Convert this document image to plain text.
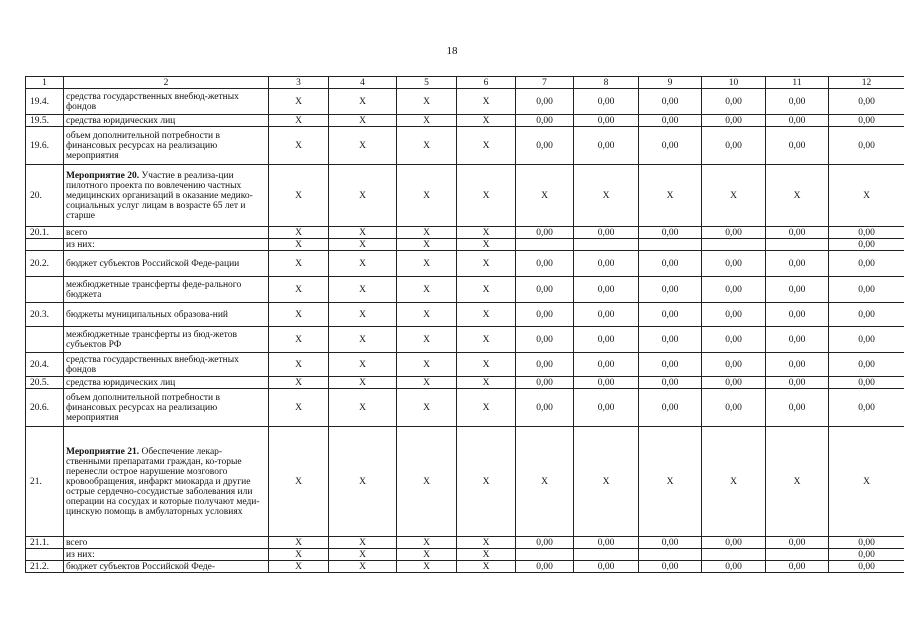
18
1	2	3	4	5	6	7	8	9	10	11	12
19.4.	средства государственных внебюд-жетных фондов	X	X	X	X	0,00	0,00	0,00	0,00	0,00	0,00
19.5.	средства юридических лиц	X	X	X	X	0,00	0,00	0,00	0,00	0,00	0,00
19.6.	объем дополнительной потребности в финансовых ресурсах на реализацию мероприятия	X	X	X	X	0,00	0,00	0,00	0,00	0,00	0,00
20.	Мероприятие 20. Участие в реализа-ции пилотного проекта по вовлечению частных медицинских организаций в оказание медико-социальных услуг лицам в возрасте 65 лет и старше	X	X	X	X	X	X	X	X	X	X
20.1.	всего	X	X	X	X	0,00	0,00	0,00	0,00	0,00	0,00
	из них:	X	X	X	X						0,00
20.2.	бюджет субъектов Российской Феде-рации	X	X	X	X	0,00	0,00	0,00	0,00	0,00	0,00
	межбюджетные трансферты феде-рального бюджета	X	X	X	X	0,00	0,00	0,00	0,00	0,00	0,00
20.3.	бюджеты муниципальных образова-ний	X	X	X	X	0,00	0,00	0,00	0,00	0,00	0,00
	межбюджетные трансферты из бюд-жетов субъектов РФ	X	X	X	X	0,00	0,00	0,00	0,00	0,00	0,00
20.4.	средства государственных внебюд-жетных фондов	X	X	X	X	0,00	0,00	0,00	0,00	0,00	0,00
20.5.	средства юридических лиц	X	X	X	X	0,00	0,00	0,00	0,00	0,00	0,00
20.6.	объем дополнительной потребности в финансовых ресурсах на реализацию мероприятия	X	X	X	X	0,00	0,00	0,00	0,00	0,00	0,00
21.	Мероприятие 21. Обеспечение лекар-ственными препаратами граждан, ко-торые перенесли острое нарушение мозгового кровообращения, инфаркт миокарда и другие острые сердечно-сосудистые заболевания или операции на сосудах и которые получают меди-цинскую помощь в амбулаторных условиях	X	X	X	X	X	X	X	X	X	X
21.1.	всего	X	X	X	X	0,00	0,00	0,00	0,00	0,00	0,00
	из них:	X	X	X	X						0,00
21.2.	бюджет субъектов Российской Феде-	X	X	X	X	0,00	0,00	0,00	0,00	0,00	0,00
